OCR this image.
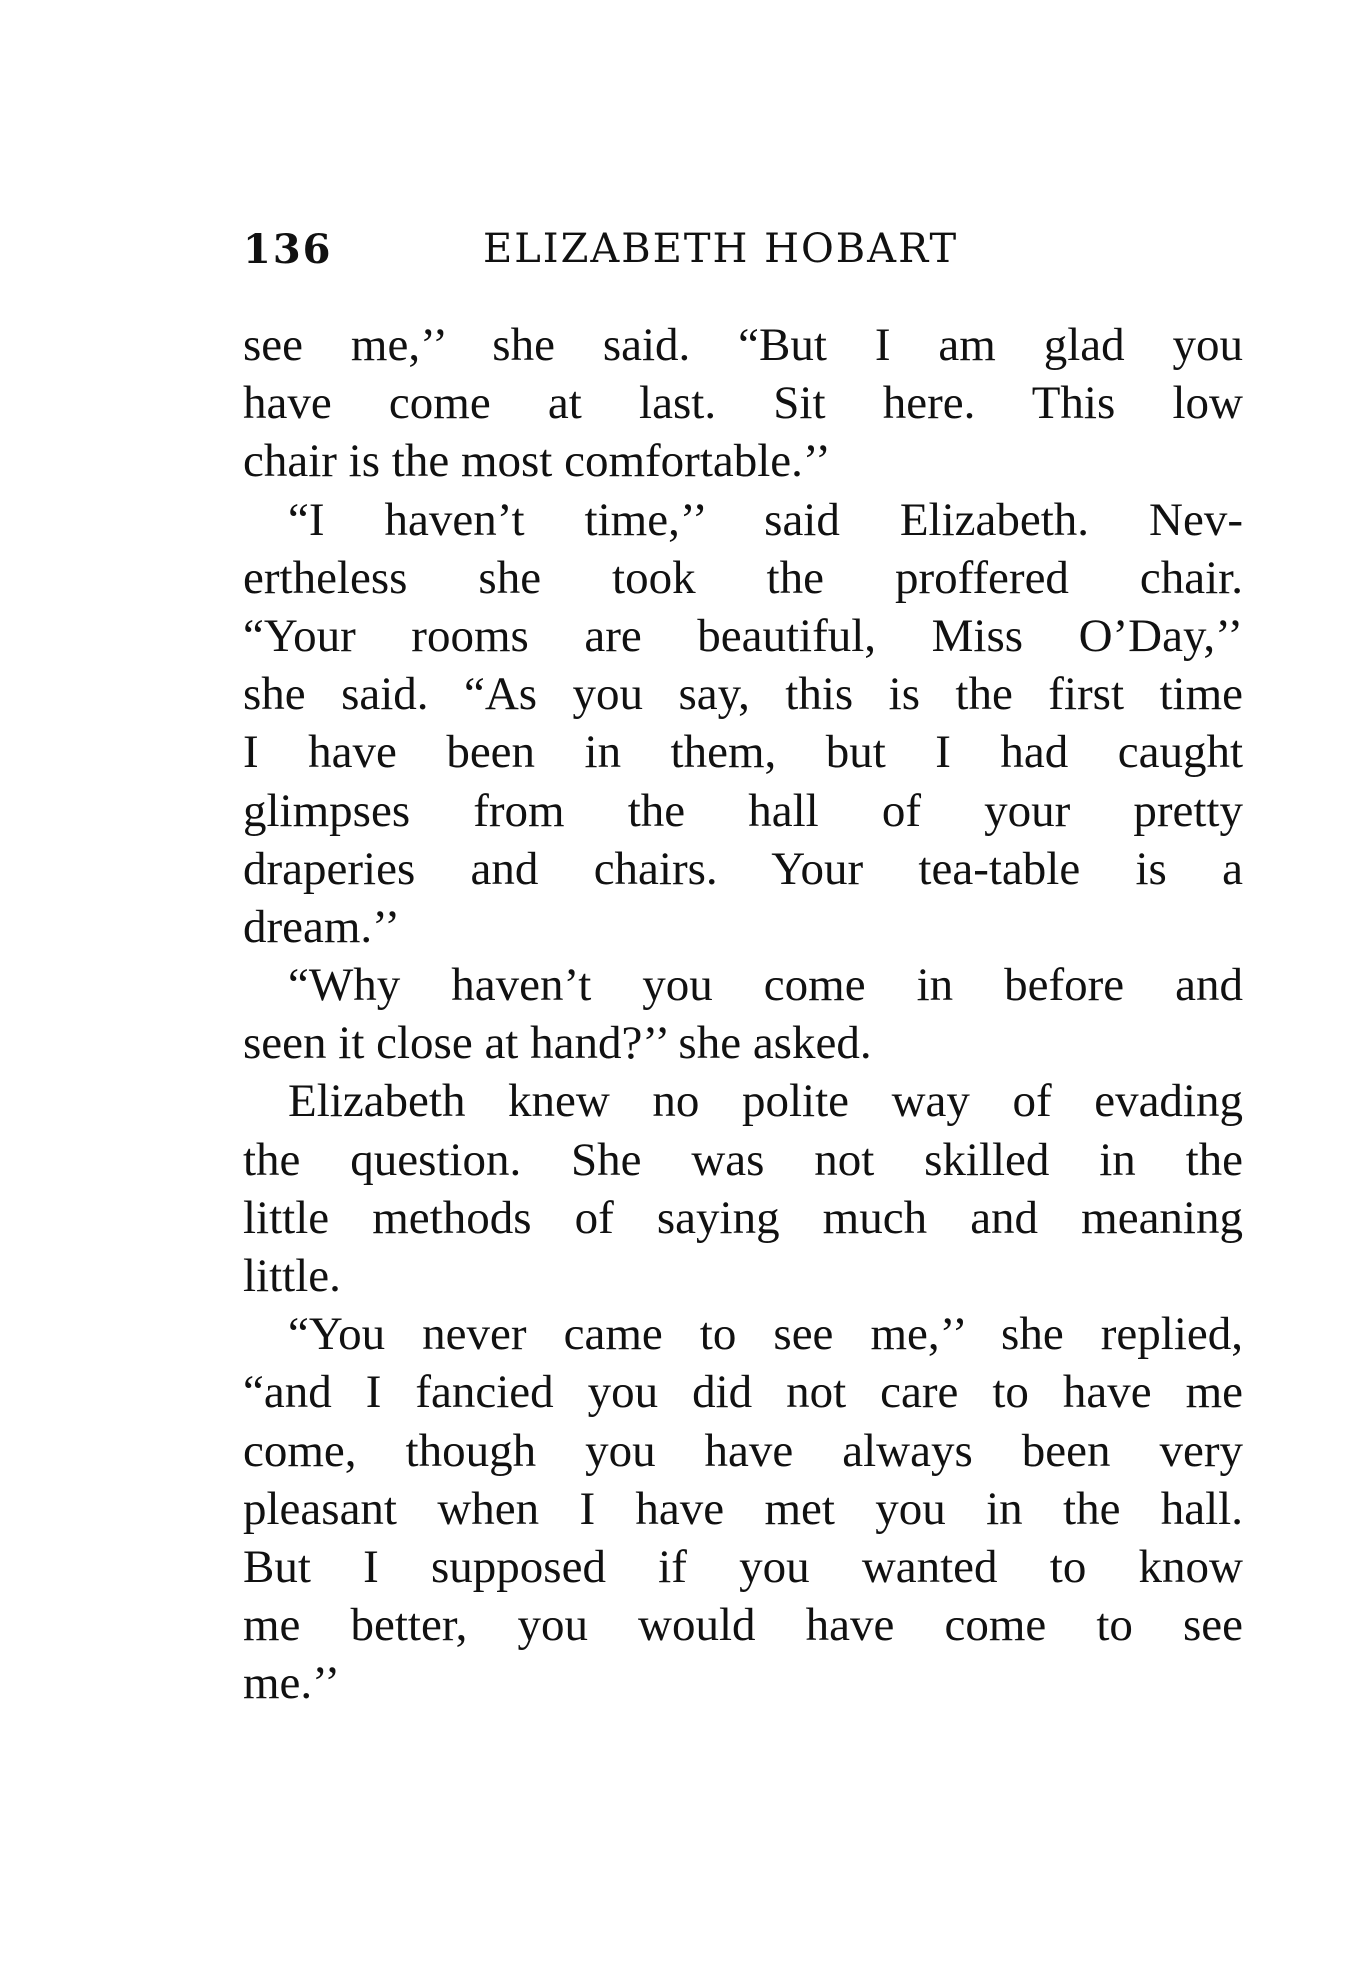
136	ELIZABETH HOBART
see me,’’ she said. “But I am glad you
have come at last. Sit here. This low
chair is the most comfortable.’’
“I haven’t time,’’ said Elizabeth. Nev-
ertheless she took the proffered chair.
“Your rooms are beautiful, Miss O’Day,’’
she said. “As you say, this is the first time
I have been in them, but I had caught
glimpses from the hall of your pretty
draperies and chairs. Your tea-table is a
dream.’’
“Why haven’t you come in before and
seen it close at hand?’’ she asked.
Elizabeth knew no polite way of evading
the question. She was not skilled in the
little methods of saying much and meaning
little.
“You never came to see me,’’ she replied,
“and I fancied you did not care to have me
come, though you have always been very
pleasant when I have met you in the hall.
But I supposed if you wanted to know
me better, you would have come to see
me.’’
